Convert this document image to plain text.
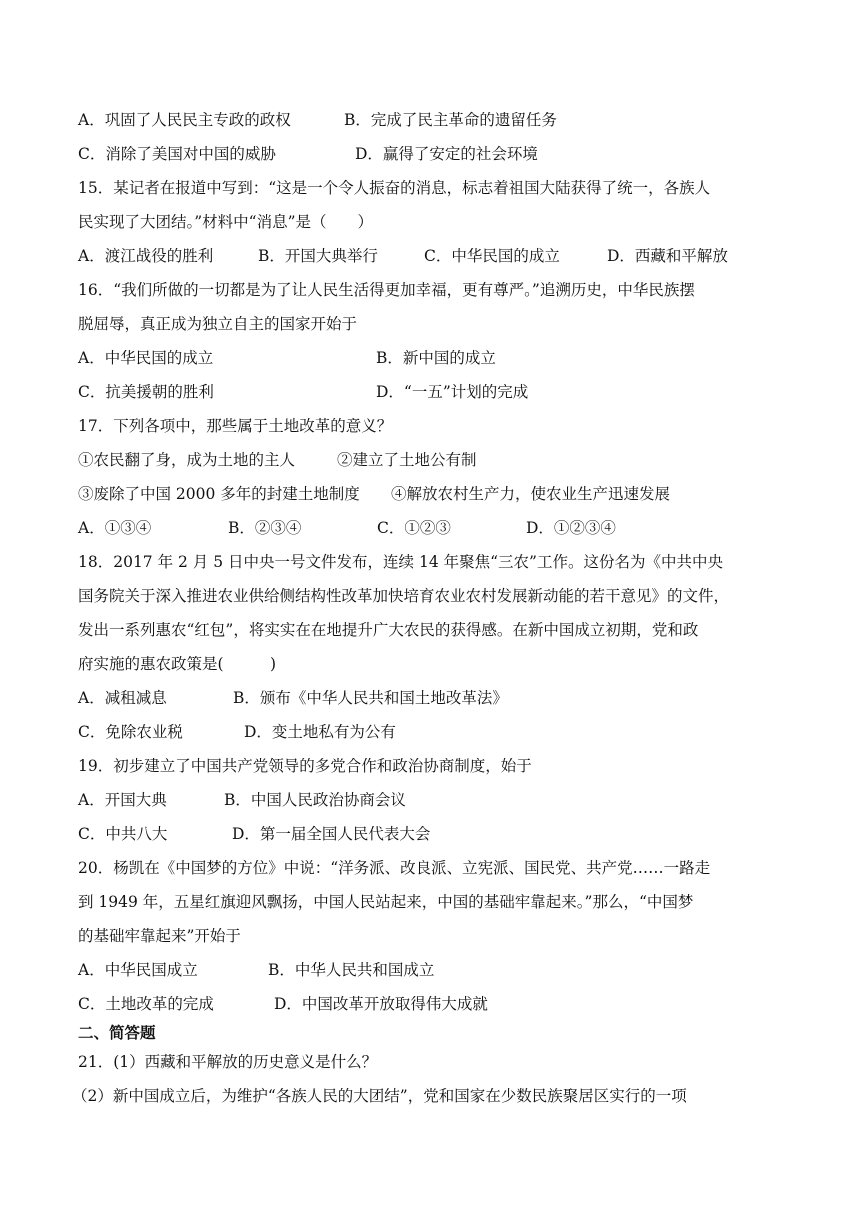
A．巩固了人民民主专政的政权	B．完成了民主革命的遗留任务
C．消除了美国对中国的威胁	D．赢得了安定的社会环境
15．某记者在报道中写到：“这是一个令人振奋的消息，标志着祖国大陆获得了统一，各族人
民实现了大团结。”材料中“消息”是（　　）
A．渡江战役的胜利	B．开国大典举行	C．中华民国的成立	D．西藏和平解放
16．“我们所做的一切都是为了让人民生活得更加幸福，更有尊严。”追溯历史，中华民族摆
脱屈辱，真正成为独立自主的国家开始于
A．中华民国的成立	B．新中国的成立
C．抗美援朝的胜利	D．“一五”计划的完成
17．下列各项中，那些属于土地改革的意义？
①农民翻了身，成为土地的主人	②建立了土地公有制
③废除了中国 2000 多年的封建土地制度 ④解放农村生产力，使农业生产迅速发展
A．①③④	B．②③④	C．①②③	D．①②③④
18．2017 年 2 月 5 日中央一号文件发布，连续 14 年聚焦“三农”工作。这份名为《中共中央
国务院关于深入推进农业供给侧结构性改革加快培育农业农村发展新动能的若干意见》的文件，
发出一系列惠农“红包”，将实实在在地提升广大农民的获得感。在新中国成立初期，党和政
府实施的惠农政策是(　　　)
A．减租减息	B．颁布《中华人民共和国土地改革法》
C．免除农业税	D．变土地私有为公有
19．初步建立了中国共产党领导的多党合作和政治协商制度，始于
A．开国大典	B．中国人民政治协商会议
C．中共八大	D．第一届全国人民代表大会
20．杨凯在《中国梦的方位》中说：“洋务派、改良派、立宪派、国民党、共产党……一路走
到 1949 年，五星红旗迎风飘扬，中国人民站起来，中国的基础牢靠起来。”那么，“中国梦
的基础牢靠起来”开始于
A．中华民国成立	B．中华人民共和国成立
C．土地改革的完成	D．中国改革开放取得伟大成就
二、简答题
21．(1）西藏和平解放的历史意义是什么？
（2）新中国成立后，为维护“各族人民的大团结”，党和国家在少数民族聚居区实行的一项
